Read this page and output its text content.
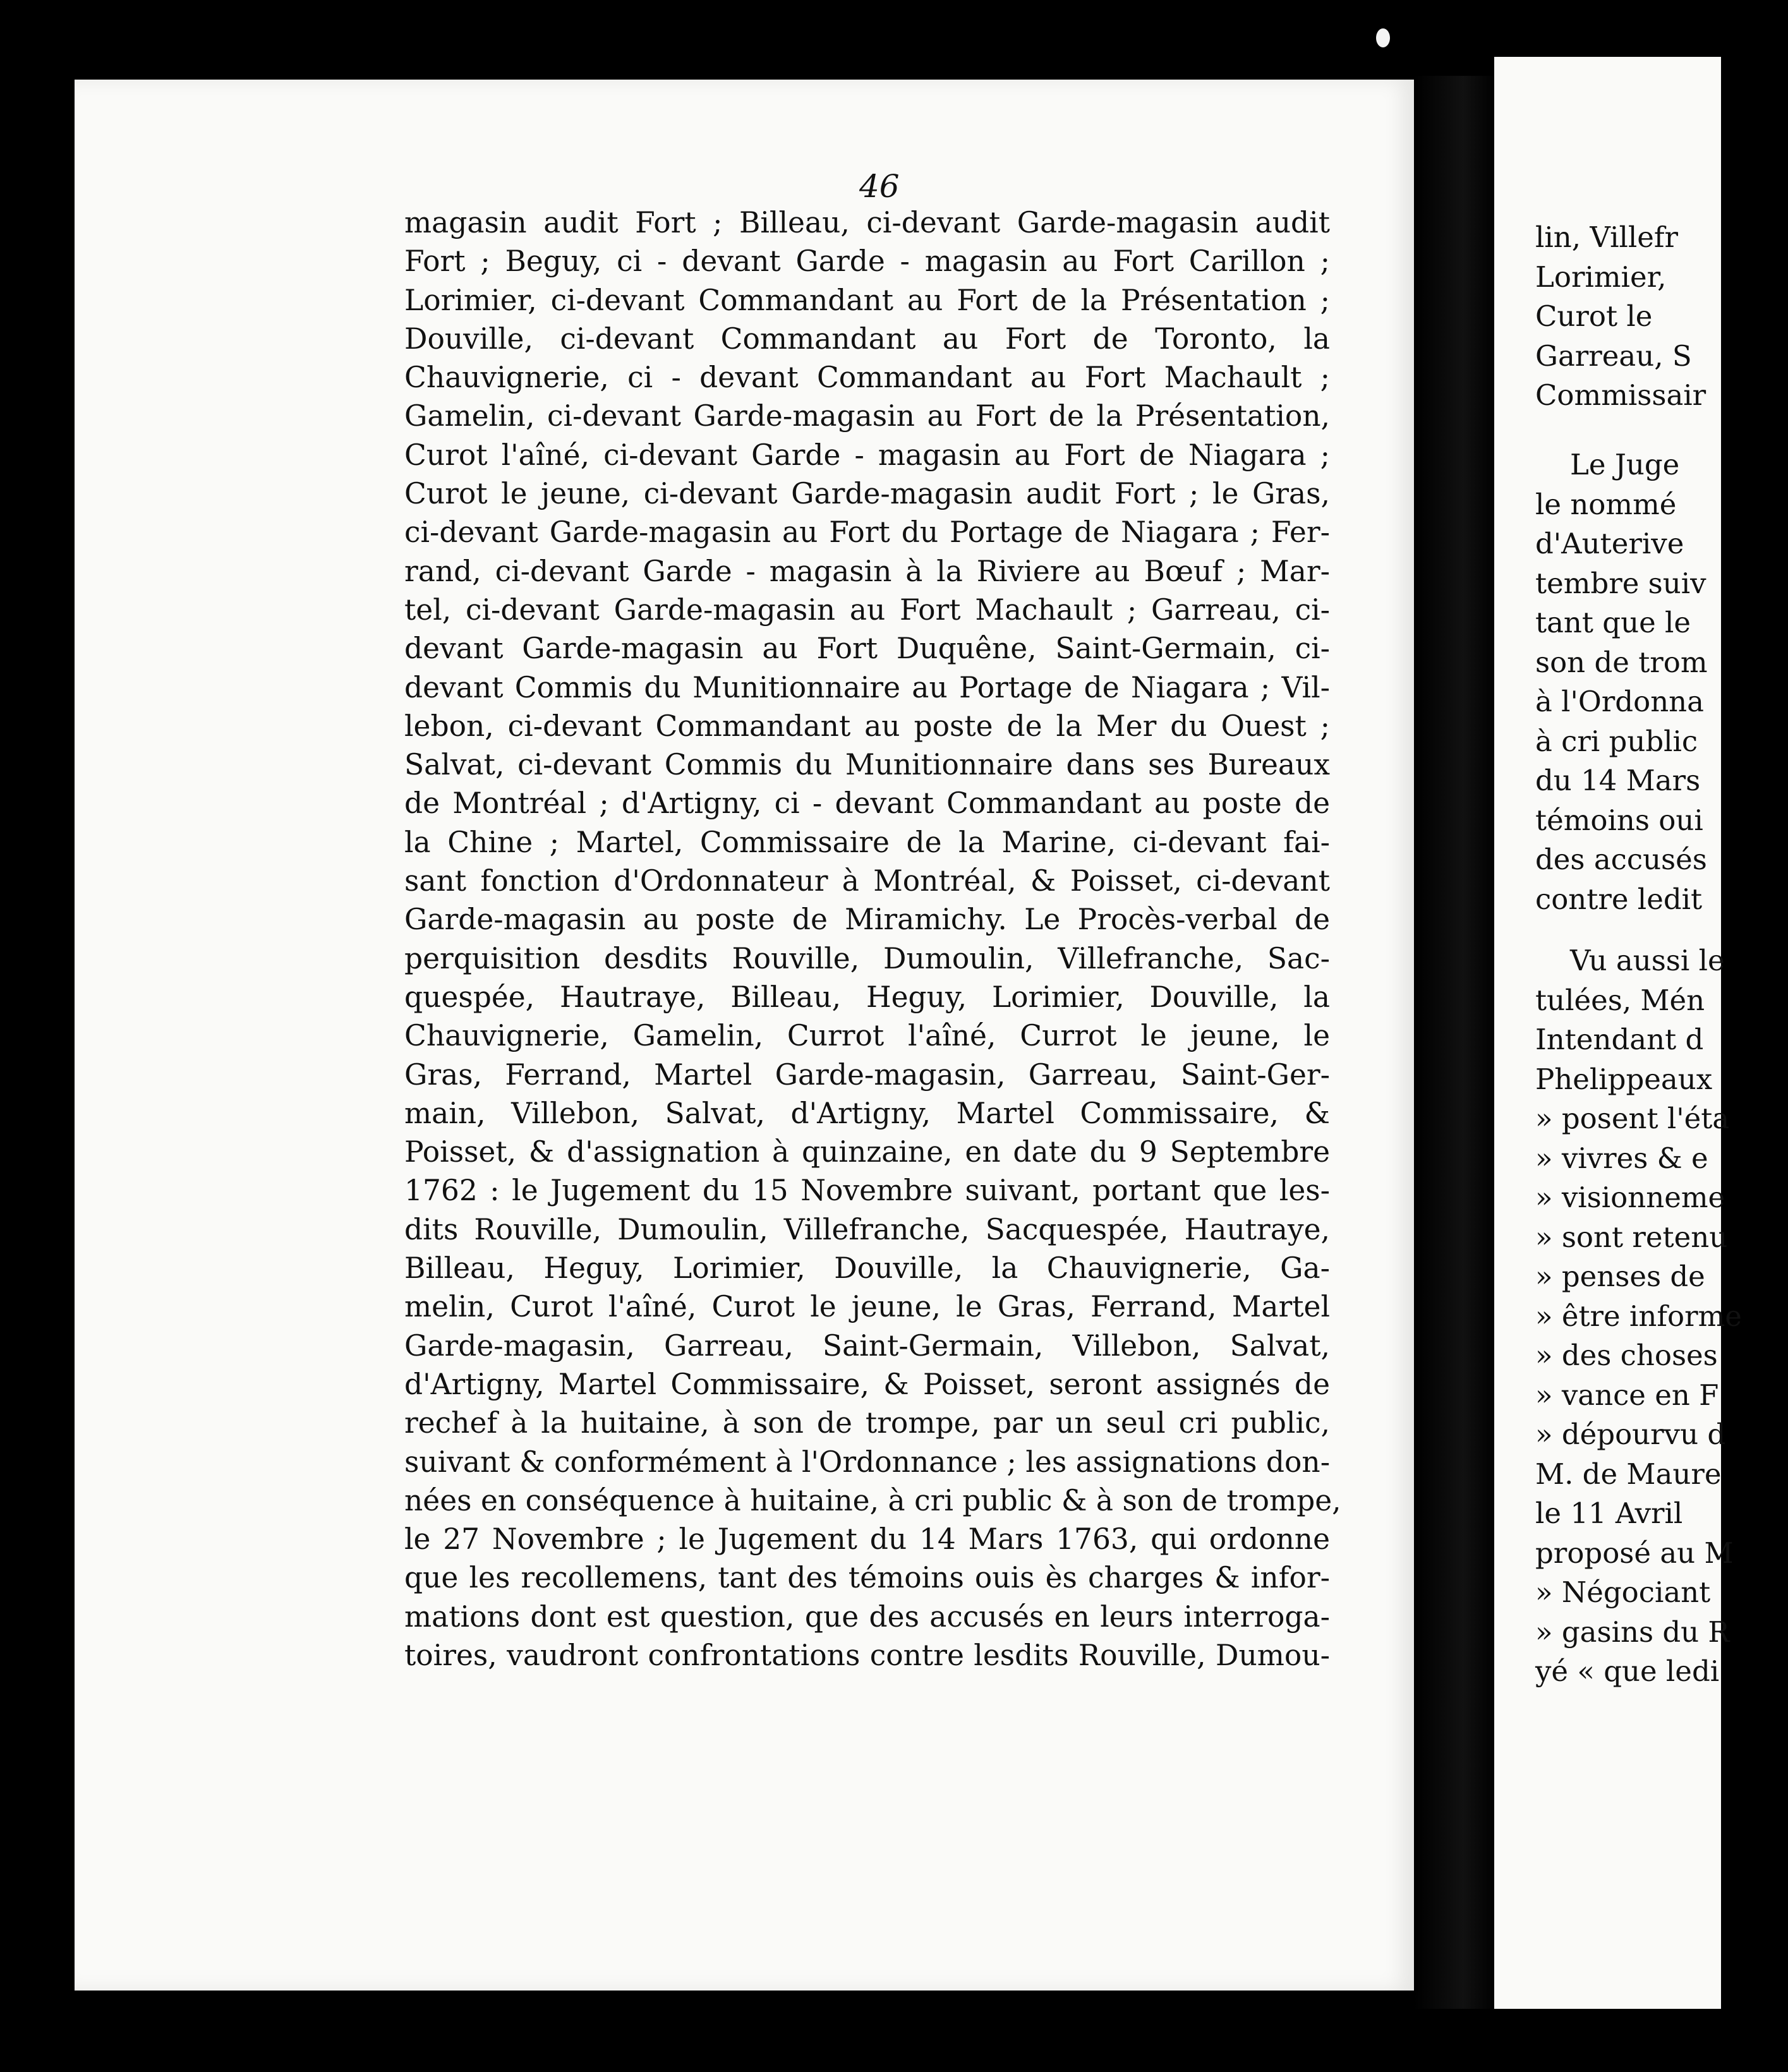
46
magasin audit Fort ; Billeau, ci-devant Garde-magasin audit
Fort ; Beguy, ci - devant Garde - magasin au Fort Carillon ;
Lorimier, ci-devant Commandant au Fort de la Présentation ;
Douville, ci-devant Commandant au Fort de Toronto, la
Chauvignerie, ci - devant Commandant au Fort Machault ;
Gamelin, ci-devant Garde-magasin au Fort de la Présentation,
Curot l'aîné, ci-devant Garde - magasin au Fort de Niagara ;
Curot le jeune, ci-devant Garde-magasin audit Fort ; le Gras,
ci-devant Garde-magasin au Fort du Portage de Niagara ; Fer-
rand, ci-devant Garde - magasin à la Riviere au Bœuf ; Mar-
tel, ci-devant Garde-magasin au Fort Machault ; Garreau, ci-
devant Garde-magasin au Fort Duquêne, Saint-Germain, ci-
devant Commis du Munitionnaire au Portage de Niagara ; Vil-
lebon, ci-devant Commandant au poste de la Mer du Ouest ;
Salvat, ci-devant Commis du Munitionnaire dans ses Bureaux
de Montréal ; d'Artigny, ci - devant Commandant au poste de
la Chine ; Martel, Commissaire de la Marine, ci-devant fai-
sant fonction d'Ordonnateur à Montréal, & Poisset, ci-devant
Garde-magasin au poste de Miramichy. Le Procès-verbal de
perquisition desdits Rouville, Dumoulin, Villefranche, Sac-
quespée, Hautraye, Billeau, Heguy, Lorimier, Douville, la
Chauvignerie, Gamelin, Currot l'aîné, Currot le jeune, le
Gras, Ferrand, Martel Garde-magasin, Garreau, Saint-Ger-
main, Villebon, Salvat, d'Artigny, Martel Commissaire, &
Poisset, & d'assignation à quinzaine, en date du 9 Septembre
1762 : le Jugement du 15 Novembre suivant, portant que les-
dits Rouville, Dumoulin, Villefranche, Sacquespée, Hautraye,
Billeau, Heguy, Lorimier, Douville, la Chauvignerie, Ga-
melin, Curot l'aîné, Curot le jeune, le Gras, Ferrand, Martel
Garde-magasin, Garreau, Saint-Germain, Villebon, Salvat,
d'Artigny, Martel Commissaire, & Poisset, seront assignés de
rechef à la huitaine, à son de trompe, par un seul cri public,
suivant & conformément à l'Ordonnance ; les assignations don-
nées en conséquence à huitaine, à cri public & à son de trompe,
le 27 Novembre ; le Jugement du 14 Mars 1763, qui ordonne
que les recollemens, tant des témoins ouis ès charges & infor-
mations dont est question, que des accusés en leurs interroga-
toires, vaudront confrontations contre lesdits Rouville, Dumou-
lin, Villefr
Lorimier,
Curot le
Garreau, S
Commissair
Le Juge
le nommé
d'Auterive
tembre suiv
tant que le
son de trom
à l'Ordonna
à cri public
du 14 Mars
témoins oui
des accusés
contre ledit
Vu aussi le
tulées, Mén
Intendant d
Phelippeaux
» posent l'éta
» vivres & e
» visionneme
» sont retenu
» penses de
» être informe
» des choses
» vance en F
» dépourvu d
M. de Maure
le 11 Avril
proposé au M
» Négociant
» gasins du R
yé « que ledi
